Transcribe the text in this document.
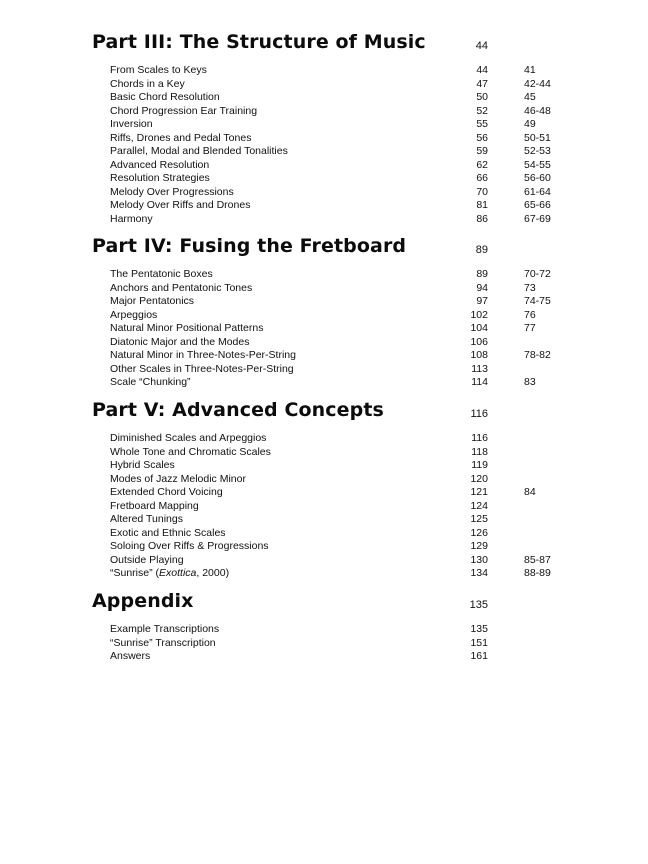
Part III: The Structure of Music	44
From Scales to Keys	44	41
Chords in a Key	47	42-44
Basic Chord Resolution	50	45
Chord Progression Ear Training	52	46-48
Inversion	55	49
Riffs, Drones and Pedal Tones	56	50-51
Parallel, Modal and Blended Tonalities	59	52-53
Advanced Resolution	62	54-55
Resolution Strategies	66	56-60
Melody Over Progressions	70	61-64
Melody Over Riffs and Drones	81	65-66
Harmony	86	67-69
Part IV: Fusing the Fretboard	89
The Pentatonic Boxes	89	70-72
Anchors and Pentatonic Tones	94	73
Major Pentatonics	97	74-75
Arpeggios	102	76
Natural Minor Positional Patterns	104	77
Diatonic Major and the Modes	106
Natural Minor in Three-Notes-Per-String	108	78-82
Other Scales in Three-Notes-Per-String	113
Scale “Chunking”	114	83
Part V: Advanced Concepts	116
Diminished Scales and Arpeggios	116
Whole Tone and Chromatic Scales	118
Hybrid Scales	119
Modes of Jazz Melodic Minor	120
Extended Chord Voicing	121	84
Fretboard Mapping	124
Altered Tunings	125
Exotic and Ethnic Scales	126
Soloing Over Riffs & Progressions	129
Outside Playing	130	85-87
“Sunrise” (Exottica, 2000)	134	88-89
Appendix	135
Example Transcriptions	135
“Sunrise” Transcription	151
Answers	161
